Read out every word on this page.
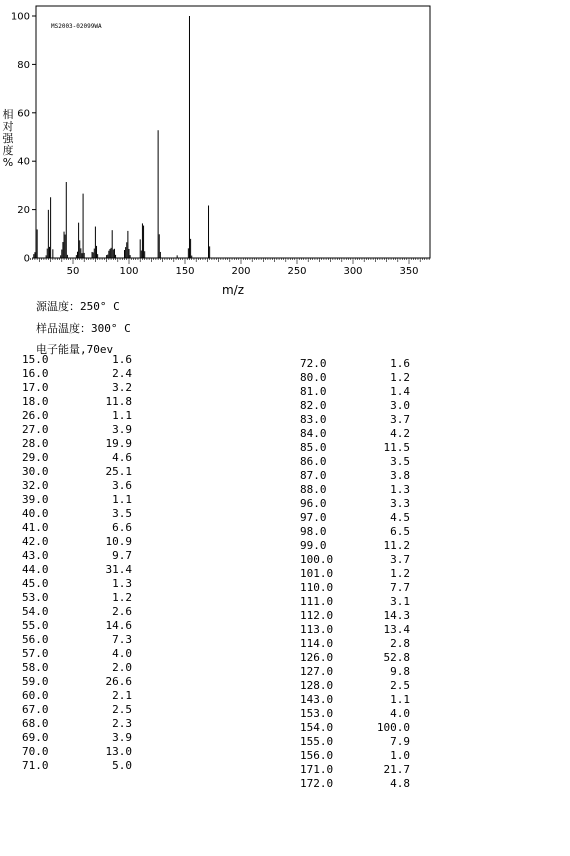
MS2003-02099WA
0
20
40
60
80
100
50	100	150	200	250	300	350
m/z
相对强度%
源温度：250° C
样品温度：300° C
电子能量,70ev
15.0	1.6
16.0	2.4
17.0	3.2
18.0	11.8
26.0	1.1
27.0	3.9
28.0	19.9
29.0	4.6
30.0	25.1
32.0	3.6
39.0	1.1
40.0	3.5
41.0	6.6
42.0	10.9
43.0	9.7
44.0	31.4
45.0	1.3
53.0	1.2
54.0	2.6
55.0	14.6
56.0	7.3
57.0	4.0
58.0	2.0
59.0	26.6
60.0	2.1
67.0	2.5
68.0	2.3
69.0	3.9
70.0	13.0
71.0	5.0
72.0	1.6
80.0	1.2
81.0	1.4
82.0	3.0
83.0	3.7
84.0	4.2
85.0	11.5
86.0	3.5
87.0	3.8
88.0	1.3
96.0	3.3
97.0	4.5
98.0	6.5
99.0	11.2
100.0	3.7
101.0	1.2
110.0	7.7
111.0	3.1
112.0	14.3
113.0	13.4
114.0	2.8
126.0	52.8
127.0	9.8
128.0	2.5
143.0	1.1
153.0	4.0
154.0	100.0
155.0	7.9
156.0	1.0
171.0	21.7
172.0	4.8
